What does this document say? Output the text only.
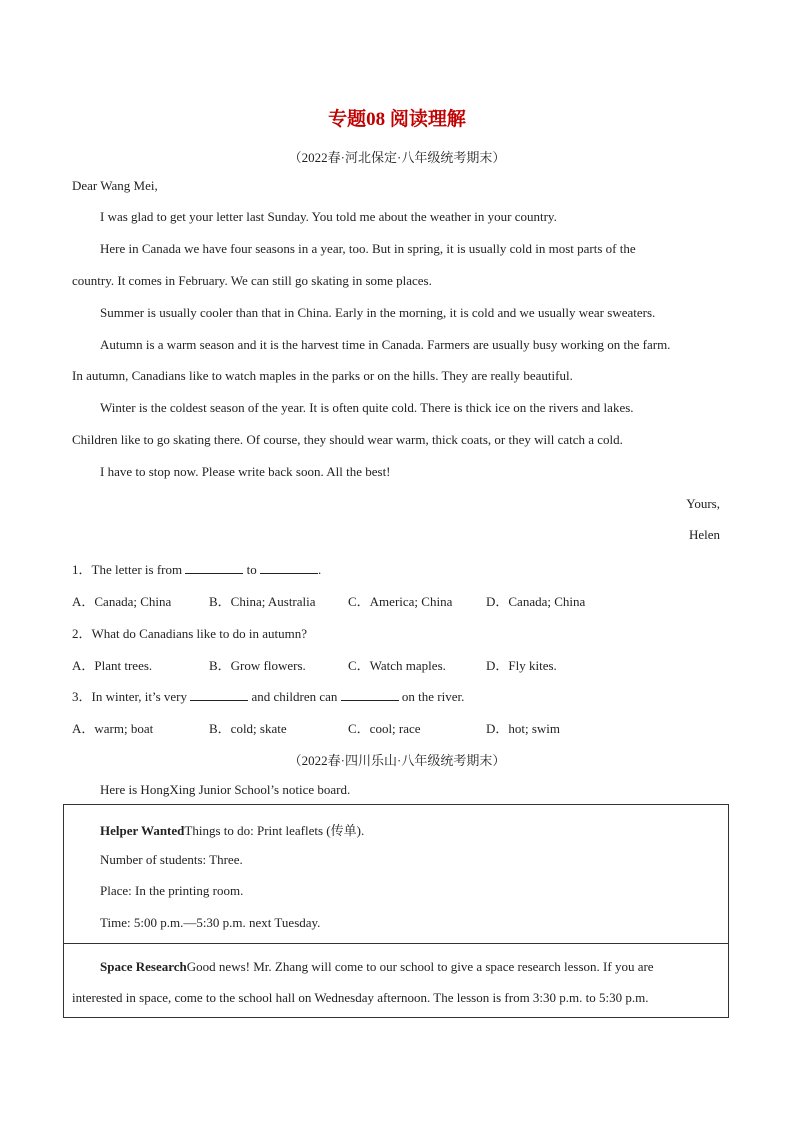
专题08 阅读理解
（2022春·河北保定·八年级统考期末）
Dear Wang Mei,
I was glad to get your letter last Sunday. You told me about the weather in your country.
Here in Canada we have four seasons in a year, too. But in spring, it is usually cold in most parts of the
country. It comes in February. We can still go skating in some places.
Summer is usually cooler than that in China. Early in the morning, it is cold and we usually wear sweaters.
Autumn is a warm season and it is the harvest time in Canada. Farmers are usually busy working on the farm.
In autumn, Canadians like to watch maples in the parks or on the hills. They are really beautiful.
Winter is the coldest season of the year. It is often quite cold. There is thick ice on the rivers and lakes.
Children like to go skating there. Of course, they should wear warm, thick coats, or they will catch a cold.
I have to stop now. Please write back soon. All the best!
Yours,
Helen
1．The letter is from	to	.
A．Canada; China	B．China; Australia C．America; China	D．Canada; China
2．What do Canadians like to do in autumn?
A．Plant trees.	B．Grow flowers.	C．Watch maples.	D．Fly kites.
3．In winter, it’s very	and children can	on the river.
A．warm; boat	B．cold; skate	C．cool; race	D．hot; swim
（2022春·四川乐山·八年级统考期末）
Here is HongXing Junior School’s notice board.
Helper WantedThings to do: Print leaflets (传单).
Number of students: Three.
Place: In the printing room.
Time: 5:00 p.m.—5:30 p.m. next Tuesday.
Space ResearchGood news! Mr. Zhang will come to our school to give a space research lesson. If you are
interested in space, come to the school hall on Wednesday afternoon. The lesson is from 3:30 p.m. to 5:30 p.m.
